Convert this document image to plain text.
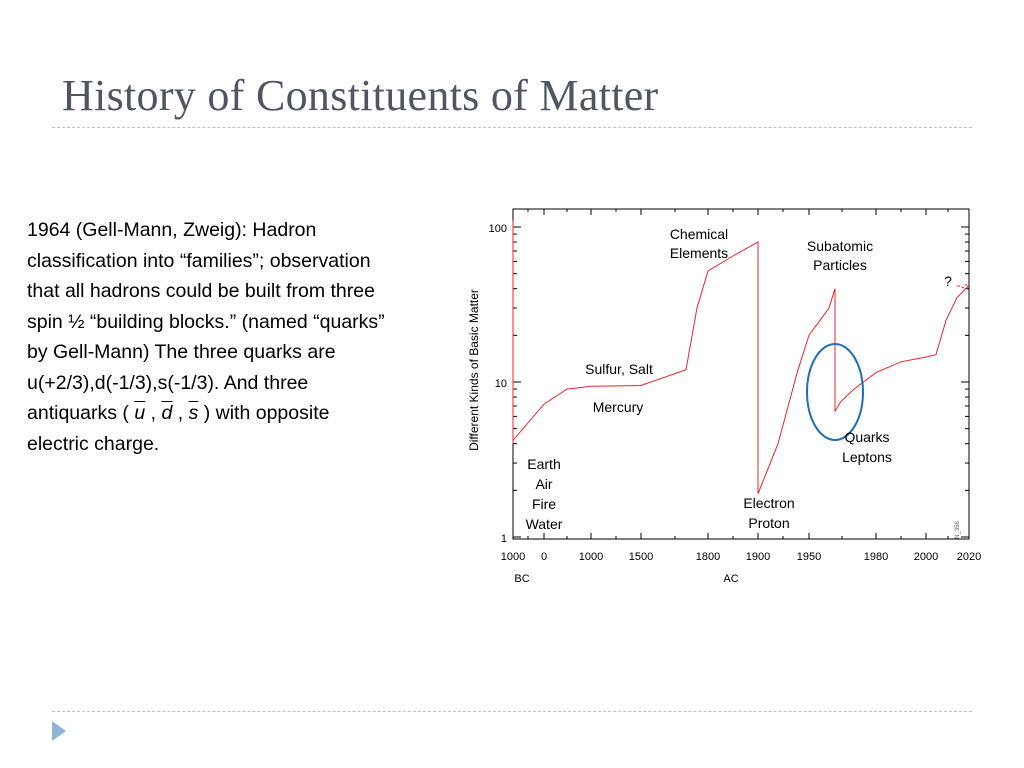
History of Constituents of Matter

1964 (Gell-Mann, Zweig): Hadron

classification into “families”; observation

that all hadrons could be built from three

spin ½ “building blocks.” (named “quarks”

by Gell-Mann) The three quarks are

u(+2/3),d(-1/3),s(-1/3). And three

antiquarks ( $\overline{u}$ , $\overline{d}$ , $\overline{s}$ ) with opposite

electric charge.	Different Kinds of Basic Matter
100
10
1
1000 0	1000 1500	1800 1900 1950	1980 2000 2020
BC	AC
Chemical
Elements	Subatomic
Particles
?
Sulfur, Salt
Mercury
Earth
Air
Fire
Water
Electron
Proton
Quarks
Leptons
N_356
